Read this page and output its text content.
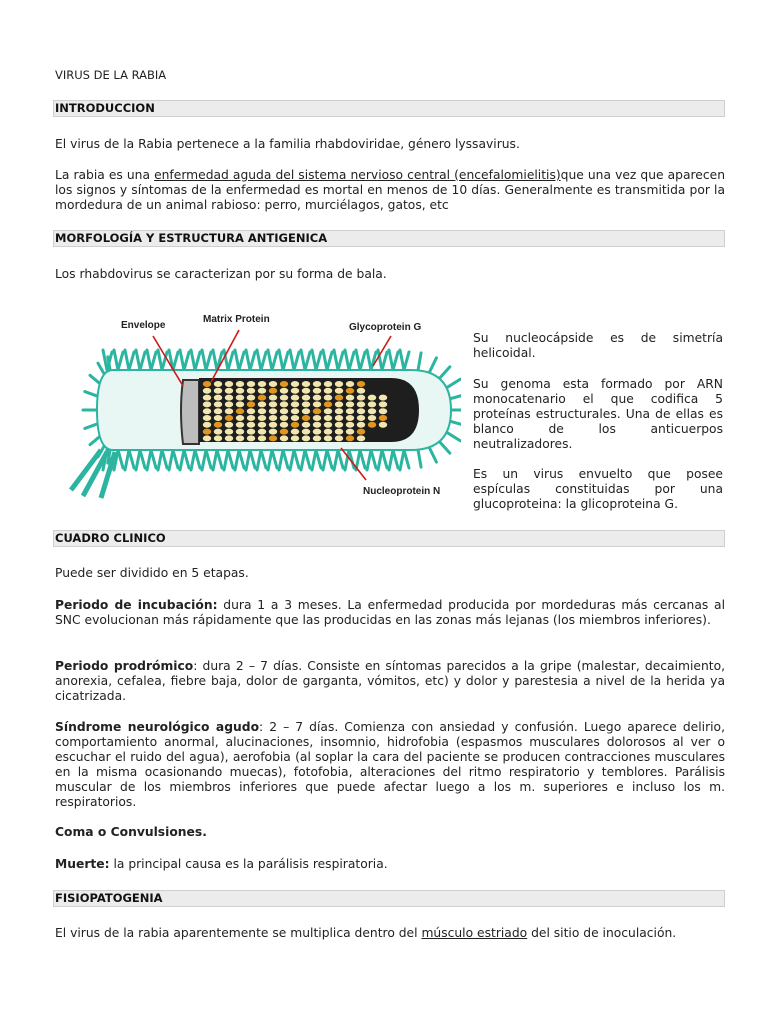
VIRUS DE LA RABIA
INTRODUCCION
El virus de la Rabia pertenece a la familia rhabdoviridae, género lyssavirus.
La rabia es una enfermedad aguda del sistema nervioso central (encefalomielitis)que una vez que aparecen los signos y síntomas de la enfermedad es mortal en menos de 10 días. Generalmente es transmitida por la mordedura de un animal rabioso: perro, murciélagos, gatos, etc
MORFOLOGÍA Y ESTRUCTURA ANTIGENICA
Los rhabdovirus se caracterizan por su forma de bala.
Envelope
Matrix Protein
Glycoprotein G
Nucleoprotein N
Su nucleocápside es de simetría helicoidal.
Su genoma esta formado por ARN monocatenario el que codifica 5 proteínas estructurales. Una de ellas es blanco de los anticuerpos neutralizadores.
Es un virus envuelto que posee espículas constituidas por una glucoproteina: la glicoproteina G.
CUADRO CLINICO
Puede ser dividido en 5 etapas.
Periodo de incubación: dura 1 a 3 meses. La enfermedad producida por mordeduras más cercanas al SNC evolucionan más rápidamente que las producidas en las zonas más lejanas (los miembros inferiores).
Periodo prodrómico: dura 2 – 7 días. Consiste en síntomas parecidos a la gripe (malestar, decaimiento, anorexia, cefalea, fiebre baja, dolor de garganta, vómitos, etc) y dolor y parestesia a nivel de la herida ya cicatrizada.
Síndrome neurológico agudo: 2 – 7 días. Comienza con ansiedad y confusión. Luego aparece delirio, comportamiento anormal, alucinaciones, insomnio, hidrofobia (espasmos musculares dolorosos al ver o escuchar el ruido del agua), aerofobia (al soplar la cara del paciente se producen contracciones musculares en la misma ocasionando muecas), fotofobia, alteraciones del ritmo respiratorio y temblores. Parálisis muscular de los miembros inferiores que puede afectar luego a los m. superiores e incluso los m. respiratorios.
Coma o Convulsiones.
Muerte: la principal causa es la parálisis respiratoria.
FISIOPATOGENIA
El virus de la rabia aparentemente se multiplica dentro del músculo estriado del sitio de inoculación.
